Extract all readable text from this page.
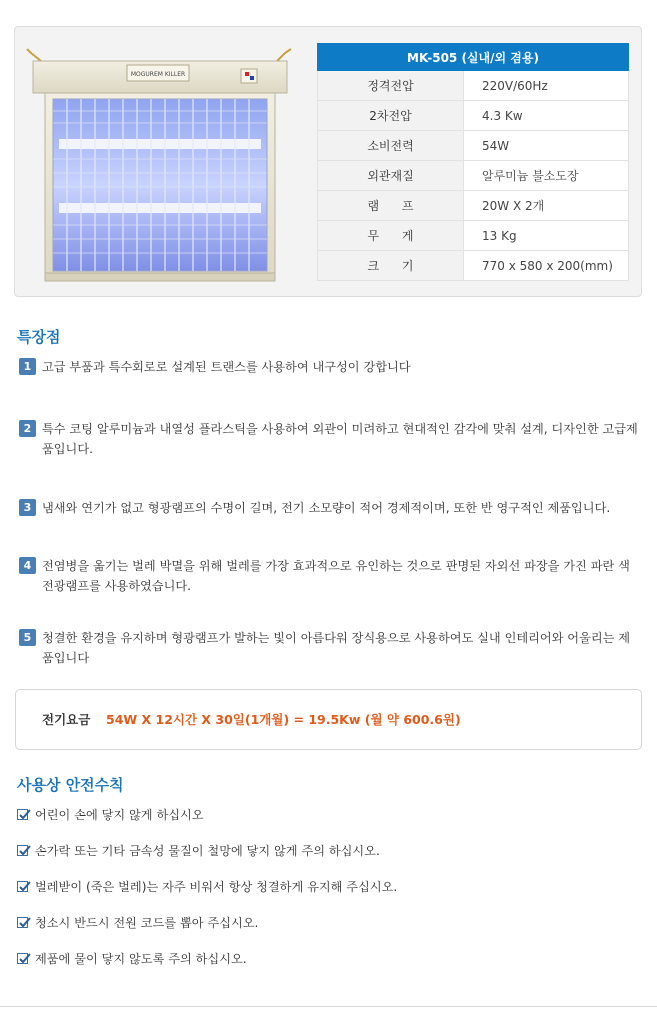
MOGUREM KILLER
MK-505 (실내/외 겸용)	
정격전압	220V/60Hz
2차전압	4.3 Kw
소비전력	54W
외관재질	알루미늄 불소도장
램      프	20W X 2개
무      게	13 Kg
크      기	770 x 580 x 200(mm)
특장점
1 고급 부품과 특수회로로 설계된 트랜스를 사용하여 내구성이 강합니다
2 특수 코팅 알루미늄과 내열성 플라스틱을 사용하여 외관이 미려하고 현대적인 감각에 맞춰 설계, 디자인한 고급제품입니다.
3 냄새와 연기가 없고 형광램프의 수명이 길며, 전기 소모량이 적어 경제적이며, 또한 반 영구적인 제품입니다.
4 전염병을 옮기는 벌레 박멸을 위해 벌레를 가장 효과적으로 유인하는 것으로 판명된 자외선 파장을 가진 파란 색 전광램프를 사용하였습니다.
5 청결한 환경을 유지하며 형광램프가 발하는 빛이 아름다워 장식용으로 사용하여도 실내 인테리어와 어울리는 제품입니다
전기요금 54W X 12시간 X 30일(1개월) = 19.5Kw (월 약 600.6원)
사용상 안전수칙
어린이 손에 닿지 않게 하십시오
손가락 또는 기타 금속성 물질이 철망에 닿지 않게 주의 하십시오.
벌레받이 (죽은 벌레)는 자주 비워서 항상 청결하게 유지해 주십시오.
청소시 반드시 전원 코드를 뽑아 주십시오.
제품에 물이 닿지 않도록 주의 하십시오.
